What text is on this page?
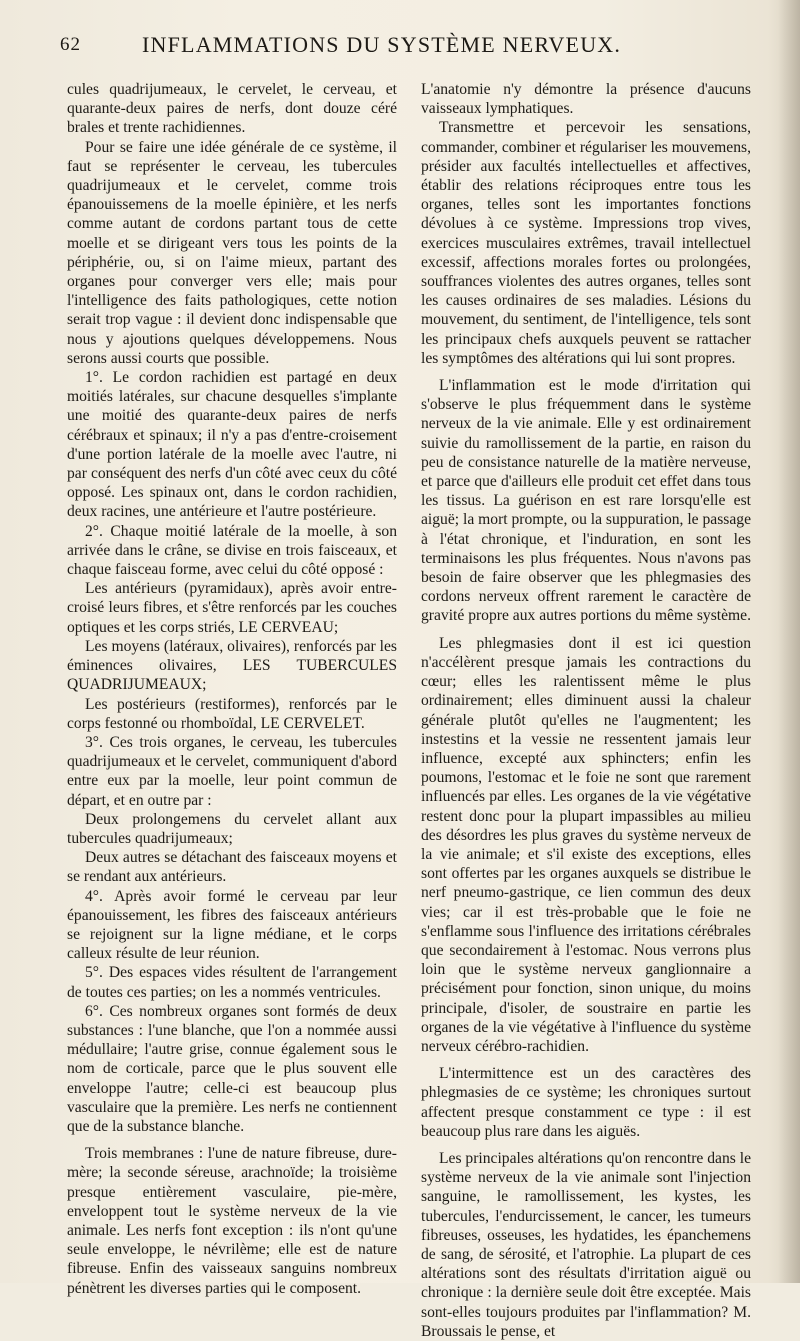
62	INFLAMMATIONS DU SYSTÈME NERVEUX.

cules quadrijumeaux, le cervelet, le cerveau, et quarante-deux paires de nerfs, dont douze céré brales et trente rachidiennes.

Pour se faire une idée générale de ce système, il faut se représenter le cerveau, les tubercules quadrijumeaux et le cervelet, comme trois épanouissemens de la moelle épinière, et les nerfs comme autant de cordons partant tous de cette moelle et se dirigeant vers tous les points de la périphérie, ou, si on l'aime mieux, partant des organes pour converger vers elle; mais pour l'intelligence des faits pathologiques, cette notion serait trop vague : il devient donc indispensable que nous y ajoutions quelques développemens. Nous serons aussi courts que possible.

1°. Le cordon rachidien est partagé en deux moitiés latérales, sur chacune desquelles s'implante une moitié des quarante-deux paires de nerfs cérébraux et spinaux; il n'y a pas d'entre-croisement d'une portion latérale de la moelle avec l'autre, ni par conséquent des nerfs d'un côté avec ceux du côté opposé. Les spinaux ont, dans le cordon rachidien, deux racines, une antérieure et l'autre postérieure.

2°. Chaque moitié latérale de la moelle, à son arrivée dans le crâne, se divise en trois faisceaux, et chaque faisceau forme, avec celui du côté opposé :

Les antérieurs (pyramidaux), après avoir entre-croisé leurs fibres, et s'être renforcés par les couches optiques et les corps striés, LE CERVEAU;

Les moyens (latéraux, olivaires), renforcés par les éminences olivaires, LES TUBERCULES QUADRIJUMEAUX;

Les postérieurs (restiformes), renforcés par le corps festonné ou rhomboïdal, LE CERVELET.

3°. Ces trois organes, le cerveau, les tubercules quadrijumeaux et le cervelet, communiquent d'abord entre eux par la moelle, leur point commun de départ, et en outre par :

Deux prolongemens du cervelet allant aux tubercules quadrijumeaux;

Deux autres se détachant des faisceaux moyens et se rendant aux antérieurs.

4°. Après avoir formé le cerveau par leur épanouissement, les fibres des faisceaux antérieurs se rejoignent sur la ligne médiane, et le corps calleux résulte de leur réunion.

5°. Des espaces vides résultent de l'arrangement de toutes ces parties; on les a nommés ventricules.

6°. Ces nombreux organes sont formés de deux substances : l'une blanche, que l'on a nommée aussi médullaire; l'autre grise, connue également sous le nom de corticale, parce que le plus souvent elle enveloppe l'autre; celle-ci est beaucoup plus vasculaire que la première. Les nerfs ne contiennent que de la substance blanche.

Trois membranes : l'une de nature fibreuse, dure-mère; la seconde séreuse, arachnoïde; la troisième presque entièrement vasculaire, pie-mère, enveloppent tout le système nerveux de la vie animale. Les nerfs font exception : ils n'ont qu'une seule enveloppe, le névrilème; elle est de nature fibreuse. Enfin des vaisseaux sanguins nombreux pénètrent les diverses parties qui le composent.

L'anatomie n'y démontre la présence d'aucuns vaisseaux lymphatiques.

Transmettre et percevoir les sensations, commander, combiner et régulariser les mouvemens, présider aux facultés intellectuelles et affectives, établir des relations réciproques entre tous les organes, telles sont les importantes fonctions dévolues à ce système. Impressions trop vives, exercices musculaires extrêmes, travail intellectuel excessif, affections morales fortes ou prolongées, souffrances violentes des autres organes, telles sont les causes ordinaires de ses maladies. Lésions du mouvement, du sentiment, de l'intelligence, tels sont les principaux chefs auxquels peuvent se rattacher les symptômes des altérations qui lui sont propres.

L'inflammation est le mode d'irritation qui s'observe le plus fréquemment dans le système nerveux de la vie animale. Elle y est ordinairement suivie du ramollissement de la partie, en raison du peu de consistance naturelle de la matière nerveuse, et parce que d'ailleurs elle produit cet effet dans tous les tissus. La guérison en est rare lorsqu'elle est aiguë; la mort prompte, ou la suppuration, le passage à l'état chronique, et l'induration, en sont les terminaisons les plus fréquentes. Nous n'avons pas besoin de faire observer que les phlegmasies des cordons nerveux offrent rarement le caractère de gravité propre aux autres portions du même système.

Les phlegmasies dont il est ici question n'accélèrent presque jamais les contractions du cœur; elles les ralentissent même le plus ordinairement; elles diminuent aussi la chaleur générale plutôt qu'elles ne l'augmentent; les instestins et la vessie ne ressentent jamais leur influence, excepté aux sphincters; enfin les poumons, l'estomac et le foie ne sont que rarement influencés par elles. Les organes de la vie végétative restent donc pour la plupart impassibles au milieu des désordres les plus graves du système nerveux de la vie animale; et s'il existe des exceptions, elles sont offertes par les organes auxquels se distribue le nerf pneumo-gastrique, ce lien commun des deux vies; car il est très-probable que le foie ne s'enflamme sous l'influence des irritations cérébrales que secondairement à l'estomac. Nous verrons plus loin que le système nerveux ganglionnaire a précisément pour fonction, sinon unique, du moins principale, d'isoler, de soustraire en partie les organes de la vie végétative à l'influence du système nerveux cérébro-rachidien.

L'intermittence est un des caractères des phlegmasies de ce système; les chroniques surtout affectent presque constamment ce type : il est beaucoup plus rare dans les aiguës.

Les principales altérations qu'on rencontre dans le système nerveux de la vie animale sont l'injection sanguine, le ramollissement, les kystes, les tubercules, l'endurcissement, le cancer, les tumeurs fibreuses, osseuses, les hydatides, les épanchemens de sang, de sérosité, et l'atrophie. La plupart de ces altérations sont des résultats d'irritation aiguë ou chronique : la dernière seule doit être exceptée. Mais sont-elles toujours produites par l'inflammation? M. Broussais le pense, et
